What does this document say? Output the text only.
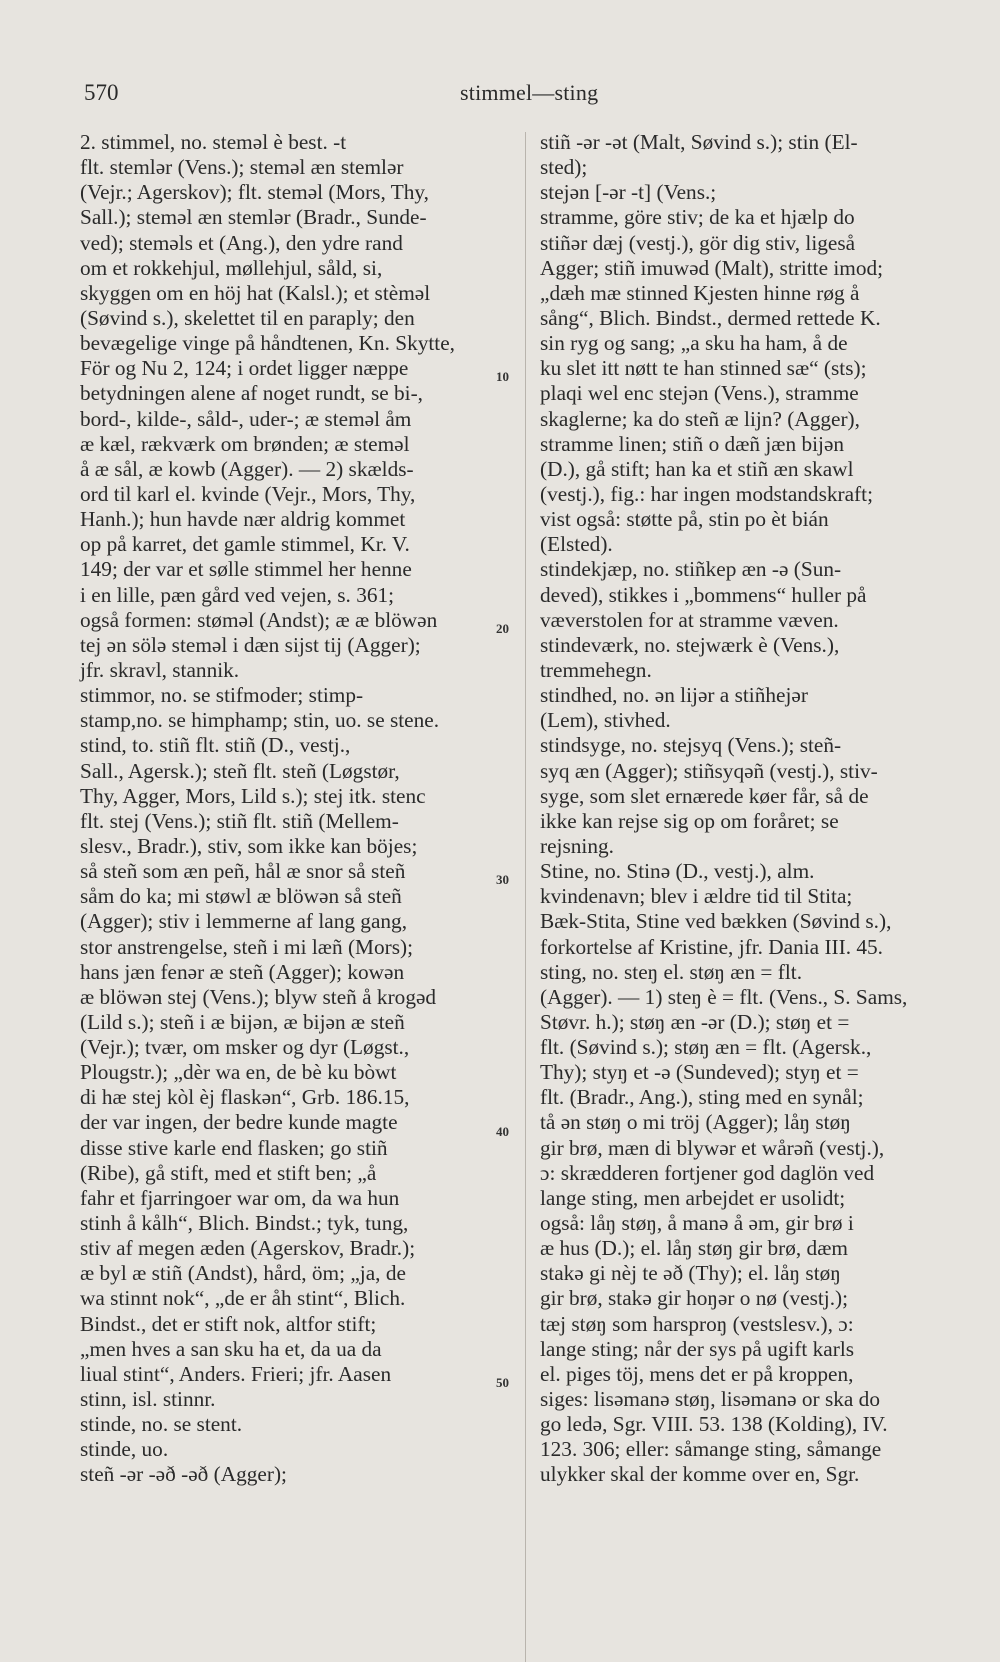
570	stimmel—sting
2. stimmel, no. stemәl è best. -t
flt. stemlәr (Vens.); stemәl æn stemlәr
(Vejr.; Agerskov); flt. stemәl (Mors, Thy,
Sall.); stemәl æn stemlәr (Bradr., Sunde-
ved); stemәls et (Ang.), den ydre rand
om et rokkehjul, møllehjul, såld, si,
skyggen om en höj hat (Kalsl.); et stèmәl
(Søvind s.), skelettet til en paraply; den
bevægelige vinge på håndtenen, Kn. Skytte,
För og Nu 2, 124; i ordet ligger næppe
betydningen alene af noget rundt, se bi-,
bord-, kilde-, såld-, uder-; æ stemәl åm
æ kæl, rækværk om brønden; æ stemәl
å æ sål, æ kowb (Agger). — 2) skælds-
ord til karl el. kvinde (Vejr., Mors, Thy,
Hanh.); hun havde nær aldrig kommet
op på karret, det gamle stimmel, Kr. V.
149; der var et sølle stimmel her henne
i en lille, pæn gård ved vejen, s. 361;
også formen: stømәl (Andst); æ æ blöwәn
tej әn sölә stemәl i dæn sijst tij (Agger);
jfr. skravl, stannik.
stimmor, no. se stifmoder; stimp-
stamp,no. se himphamp; stin, uo. se stene.
stind, to. stiñ flt. stiñ (D., vestj.,
Sall., Agersk.); steñ flt. steñ (Løgstør,
Thy, Agger, Mors, Lild s.); stej itk. stenc
flt. stej (Vens.); stiñ flt. stiñ (Mellem-
slesv., Bradr.), stiv, som ikke kan böjes;
så steñ som æn peñ, hål æ snor så steñ
såm do ka; mi støwl æ blöwәn så steñ
(Agger); stiv i lemmerne af lang gang,
stor anstrengelse, steñ i mi læñ (Mors);
hans jæn fenәr æ steñ (Agger); kowәn
æ blöwәn stej (Vens.); blyw steñ å krogәd
(Lild s.); steñ i æ bijәn, æ bijәn æ steñ
(Vejr.); tvær, om msker og dyr (Løgst.,
Plougstr.); „dèr wa en, de bè ku bòwt
di hæ stej kòl èj flaskәn“, Grb. 186.15,
der var ingen, der bedre kunde magte
disse stive karle end flasken; go stiñ
(Ribe), gå stift, med et stift ben; „å
fahr et fjarringoer war om, da wa hun
stinh å kålh“, Blich. Bindst.; tyk, tung,
stiv af megen æden (Agerskov, Bradr.);
æ byl æ stiñ (Andst), hård, öm; „ja, de
wa stinnt nok“, „de er åh stint“, Blich.
Bindst., det er stift nok, altfor stift;
„men hves a san sku ha et, da ua da
liual stint“, Anders. Frieri; jfr. Aasen
stinn, isl. stinnr.
stinde, no. se stent.
stinde, uo.
steñ -әr -әð -әð (Agger);
stiñ -әr -әt (Malt, Søvind s.); stin (El-
sted);
stejәn [-әr -t] (Vens.;
stramme, göre stiv; de ka et hjælp do
stiñәr dæj (vestj.), gör dig stiv, ligeså
Agger; stiñ imuwәd (Malt), stritte imod;
„dæh mæ stinned Kjesten hinne røg å
sång“, Blich. Bindst., dermed rettede K.
sin ryg og sang; „a sku ha ham, å de
ku slet itt nøtt te han stinned sæ“ (sts);
plaqi wel enc stejәn (Vens.), stramme
skaglerne; ka do steñ æ lijn? (Agger),
stramme linen; stiñ o dæñ jæn bijәn
(D.), gå stift; han ka et stiñ æn skawl
(vestj.), fig.: har ingen modstandskraft;
vist også: støtte på, stin po èt bián
(Elsted).
stindekjæp, no. stiñkep æn -ә (Sun-
deved), stikkes i „bommens“ huller på
væverstolen for at stramme væven.
stindeværk, no. stejwærk è (Vens.),
tremmehegn.
stindhed, no. әn lijәr a stiñhejәr
(Lem), stivhed.
stindsyge, no. stejsyq (Vens.); steñ-
syq æn (Agger); stiñsyqәñ (vestj.), stiv-
syge, som slet ernærede køer får, så de
ikke kan rejse sig op om foråret; se
rejsning.
Stine, no. Stinә (D., vestj.), alm.
kvindenavn; blev i ældre tid til Stita;
Bæk-Stita, Stine ved bækken (Søvind s.),
forkortelse af Kristine, jfr. Dania III. 45.
sting, no. steŋ el. støŋ æn = flt.
(Agger). — 1) steŋ è = flt. (Vens., S. Sams,
Støvr. h.); støŋ æn -әr (D.); støŋ et =
flt. (Søvind s.); støŋ æn = flt. (Agersk.,
Thy); styŋ et -ә (Sundeved); styŋ et =
flt. (Bradr., Ang.), sting med en synål;
tå әn støŋ o mi tröj (Agger); låŋ støŋ
gir brø, mæn di blywәr et wårәñ (vestj.),
ɔ: skrædderen fortjener god daglön ved
lange sting, men arbejdet er usolidt;
også: låŋ støŋ, å manә å әm, gir brø i
æ hus (D.); el. låŋ støŋ gir brø, dæm
stakә gi nèj te әð (Thy); el. låŋ støŋ
gir brø, stakә gir hoŋәr o nø (vestj.);
tæj støŋ som harsproŋ (vestslesv.), ɔ:
lange sting; når der sys på ugift karls
el. piges töj, mens det er på kroppen,
siges: lisәmanә støŋ, lisәmanә or ska do
go ledә, Sgr. VIII. 53. 138 (Kolding), IV.
123. 306; eller: såmange sting, såmange
ulykker skal der komme over en, Sgr.
10
20
30
40
50
